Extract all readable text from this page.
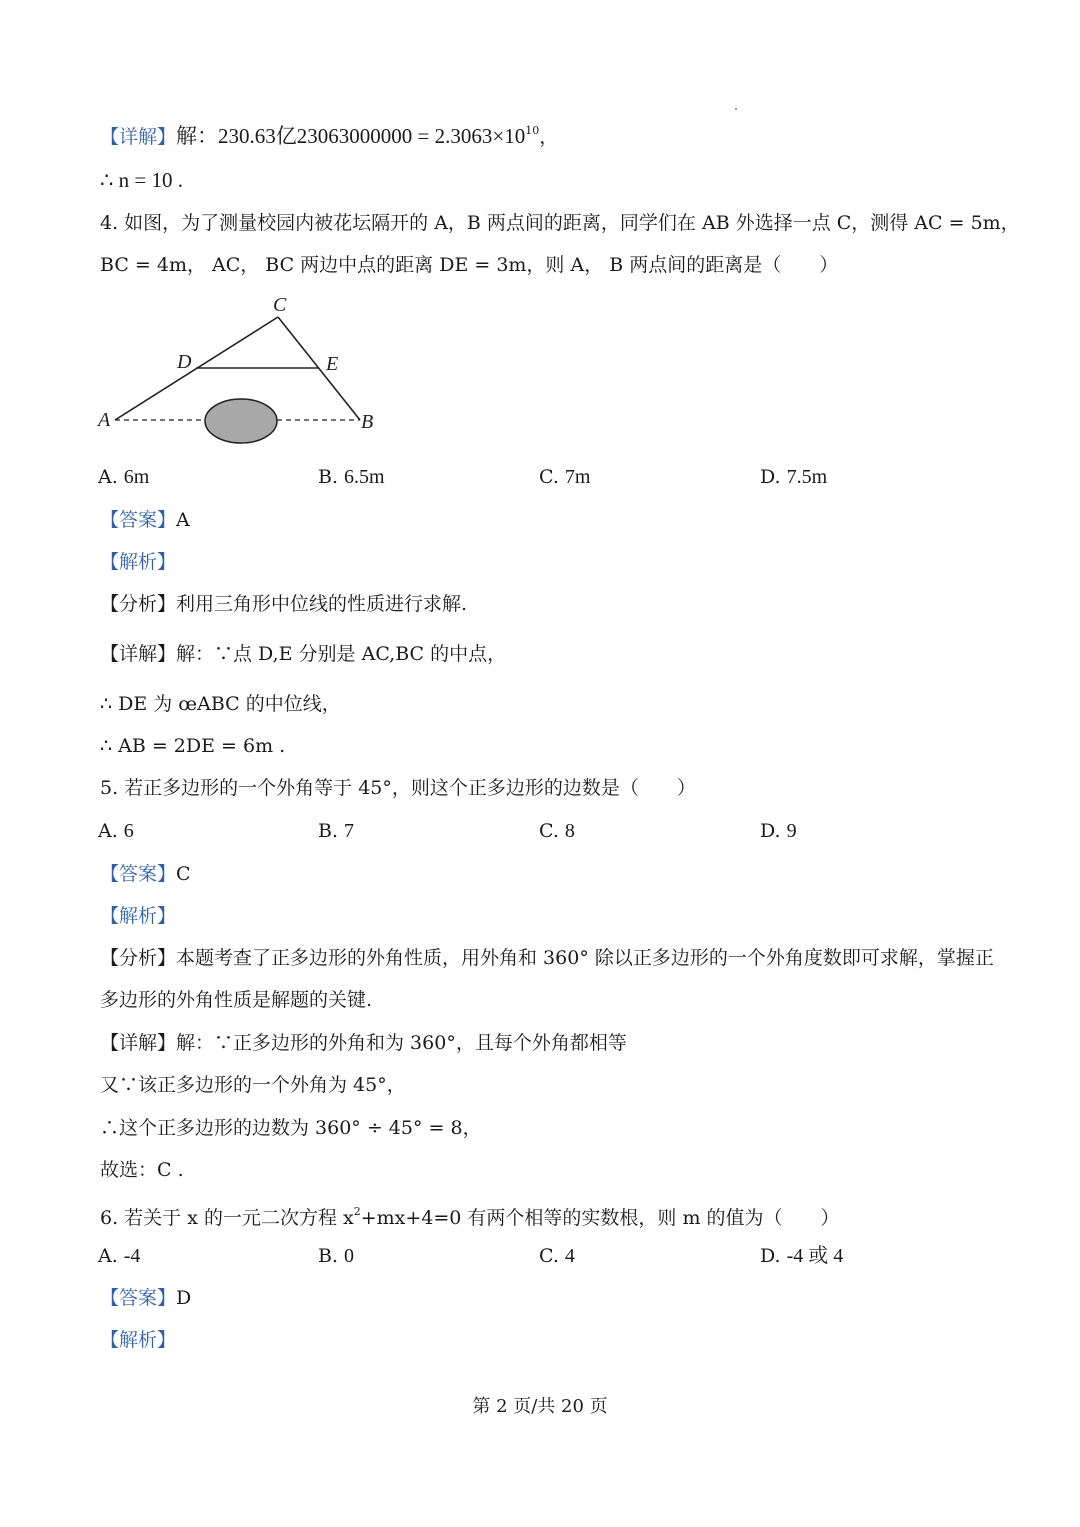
【详解】解：230.63亿$23063000000 = 2.3063\times 10^{10}$，
∴ n = 10 .
4. 如图，为了测量校园内被花坛隔开的 A，B 两点间的距离，同学们在 AB 外选择一点 C，测得 AC = 5m，
BC = 4m， AC， BC 两边中点的距离 DE = 3m，则 A， B 两点间的距离是（　　）
C
D	E
A	B
A. 6m	B. 6.5m	C. 7m	D. 7.5m
【答案】A
【解析】
【分析】利用三角形中位线的性质进行求解.
【详解】解：∵点 D,E 分别是 AC,BC 的中点，
∴ DE 为 œABC 的中位线，
∴ AB = 2DE = 6m .
5. 若正多边形的一个外角等于 45°，则这个正多边形的边数是（　　）
A. 6	B. 7	C. 8	D. 9
【答案】C
【解析】
【分析】本题考查了正多边形的外角性质，用外角和 360° 除以正多边形的一个外角度数即可求解，掌握正
多边形的外角性质是解题的关键.
【详解】解：∵正多边形的外角和为 360°，且每个外角都相等
又∵该正多边形的一个外角为 45°，
∴这个正多边形的边数为 360° ÷ 45° = 8，
故选：C .
6. 若关于 x 的一元二次方程 $x^2+mx+4=0$ 有两个相等的实数根，则 m 的值为（　　）
A. -4	B. 0	C. 4	D. -4 或 4
【答案】D
【解析】
第 2 页/共 20 页
